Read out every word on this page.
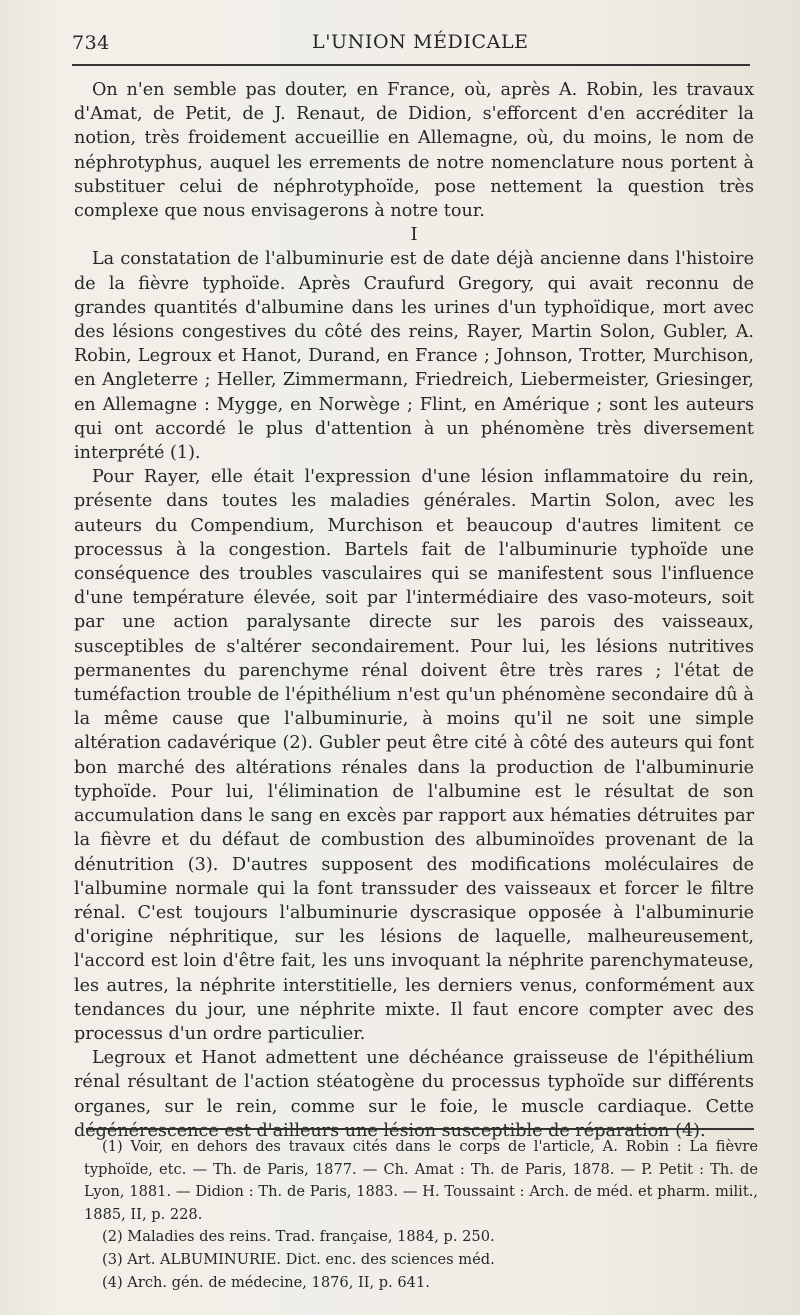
734	L'UNION MÉDICALE

On n'en semble pas douter, en France, où, après A. Robin, les travaux d'Amat, de Petit, de J. Renaut, de Didion, s'efforcent d'en accréditer la notion, très froidement accueillie en Allemagne, où, du moins, le nom de néphrotyphus, auquel les errements de notre nomenclature nous portent à substituer celui de néphrotyphoïde, pose nettement la question très complexe que nous envisagerons à notre tour.

I

La constatation de l'albuminurie est de date déjà ancienne dans l'histoire de la fièvre typhoïde. Après Craufurd Gregory, qui avait reconnu de grandes quantités d'albumine dans les urines d'un typhoïdique, mort avec des lésions congestives du côté des reins, Rayer, Martin Solon, Gubler, A. Robin, Legroux et Hanot, Durand, en France ; Johnson, Trotter, Murchison, en Angleterre ; Heller, Zimmermann, Friedreich, Liebermeister, Griesinger, en Allemagne : Mygge, en Norwège ; Flint, en Amérique ; sont les auteurs qui ont accordé le plus d'attention à un phénomène très diversement interprété (1).

Pour Rayer, elle était l'expression d'une lésion inflammatoire du rein, présente dans toutes les maladies générales. Martin Solon, avec les auteurs du Compendium, Murchison et beaucoup d'autres limitent ce processus à la congestion. Bartels fait de l'albuminurie typhoïde une conséquence des troubles vasculaires qui se manifestent sous l'influence d'une température élevée, soit par l'intermédiaire des vaso-moteurs, soit par une action paralysante directe sur les parois des vaisseaux, susceptibles de s'altérer secondairement. Pour lui, les lésions nutritives permanentes du parenchyme rénal doivent être très rares ; l'état de tuméfaction trouble de l'épithélium n'est qu'un phénomène secondaire dû à la même cause que l'albuminurie, à moins qu'il ne soit une simple altération cadavérique (2). Gubler peut être cité à côté des auteurs qui font bon marché des altérations rénales dans la production de l'albuminurie typhoïde. Pour lui, l'élimination de l'albumine est le résultat de son accumulation dans le sang en excès par rapport aux hématies détruites par la fièvre et du défaut de combustion des albuminoïdes provenant de la dénutrition (3). D'autres supposent des modifications moléculaires de l'albumine normale qui la font transsuder des vaisseaux et forcer le filtre rénal. C'est toujours l'albuminurie dyscrasique opposée à l'albuminurie d'origine néphritique, sur les lésions de laquelle, malheureusement, l'accord est loin d'être fait, les uns invoquant la néphrite parenchymateuse, les autres, la néphrite interstitielle, les derniers venus, conformément aux tendances du jour, une néphrite mixte. Il faut encore compter avec des processus d'un ordre particulier.

Legroux et Hanot admettent une déchéance graisseuse de l'épithélium rénal résultant de l'action stéatogène du processus typhoïde sur différents organes, sur le rein, comme sur le foie, le muscle cardiaque. Cette dégénérescence est d'ailleurs une lésion susceptible de réparation (4).

(1) Voir, en dehors des travaux cités dans le corps de l'article, A. Robin : La fièvre typhoïde, etc. — Th. de Paris, 1877. — Ch. Amat : Th. de Paris, 1878. — P. Petit : Th. de Lyon, 1881. — Didion : Th. de Paris, 1883. — H. Toussaint : Arch. de méd. et pharm. milit., 1885, II, p. 228.

(2) Maladies des reins. Trad. française, 1884, p. 250.

(3) Art. ALBUMINURIE. Dict. enc. des sciences méd.

(4) Arch. gén. de médecine, 1876, II, p. 641.
